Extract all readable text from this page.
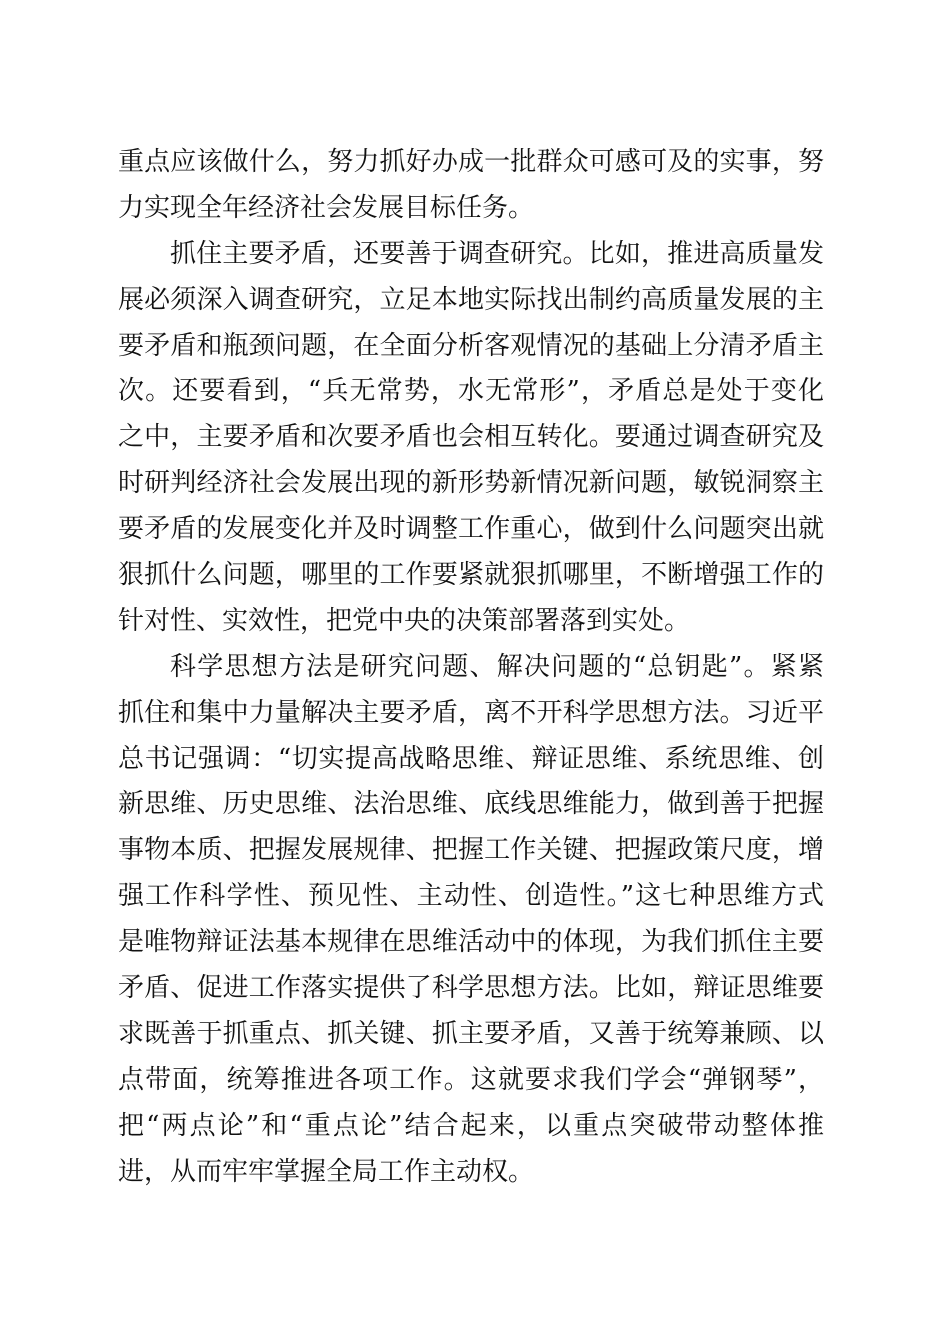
重点应该做什么，努力抓好办成一批群众可感可及的实事，努
力实现全年经济社会发展目标任务。
抓住主要矛盾，还要善于调查研究。比如，推进高质量发
展必须深入调查研究，立足本地实际找出制约高质量发展的主
要矛盾和瓶颈问题，在全面分析客观情况的基础上分清矛盾主
次。还要看到，“兵无常势，水无常形”，矛盾总是处于变化
之中，主要矛盾和次要矛盾也会相互转化。要通过调查研究及
时研判经济社会发展出现的新形势新情况新问题，敏锐洞察主
要矛盾的发展变化并及时调整工作重心，做到什么问题突出就
狠抓什么问题，哪里的工作要紧就狠抓哪里，不断增强工作的
针对性、实效性，把党中央的决策部署落到实处。
科学思想方法是研究问题、解决问题的“总钥匙”。紧紧
抓住和集中力量解决主要矛盾，离不开科学思想方法。习近平
总书记强调：“切实提高战略思维、辩证思维、系统思维、创
新思维、历史思维、法治思维、底线思维能力，做到善于把握
事物本质、把握发展规律、把握工作关键、把握政策尺度，增
强工作科学性、预见性、主动性、创造性。”这七种思维方式
是唯物辩证法基本规律在思维活动中的体现，为我们抓住主要
矛盾、促进工作落实提供了科学思想方法。比如，辩证思维要
求既善于抓重点、抓关键、抓主要矛盾，又善于统筹兼顾、以
点带面，统筹推进各项工作。这就要求我们学会“弹钢琴”，
把“两点论”和“重点论”结合起来，以重点突破带动整体推
进，从而牢牢掌握全局工作主动权。
